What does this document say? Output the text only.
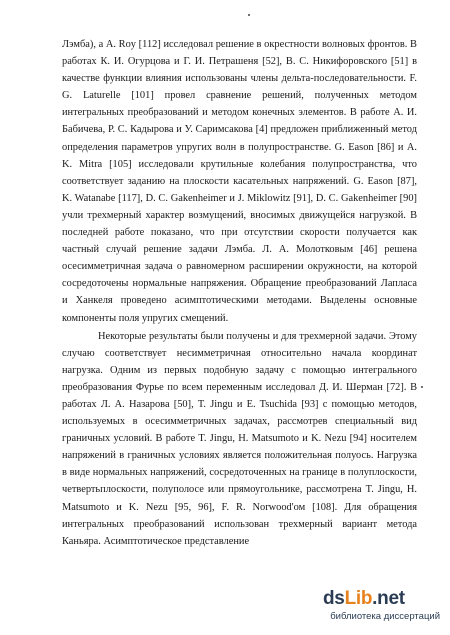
Лэмба), а A. Roy [112] исследовал решение в окрестности волновых фронтов. В работах К. И. Огурцова и Г. И. Петрашеня [52], В. С. Никифоровского [51] в качестве функции влияния использованы члены дельта-последовательности. F. G. Laturelle [101] провел сравнение решений, полученных методом интегральных преобразований и методом конечных элементов. В работе А. И. Бабичева, Р. С. Кадырова и У. Саримсакова [4] предложен приближенный метод определения параметров упругих волн в полупространстве. G. Eason [86] и A. K. Mitra [105] исследовали крутильные колебания полупространства, что соответствует заданию на плоскости касательных напряжений. G. Eason [87], K. Watanabe [117], D. C. Gakenheimer и J. Miklowitz [91], D. C. Gakenheimer [90] учли трехмерный характер возмущений, вносимых движущейся нагрузкой. В последней работе показано, что при отсутствии скорости получается как частный случай решение задачи Лэмба. Л. А. Молотковым [46] решена осесимметричная задача о равномерном расширении окружности, на которой сосредоточены нормальные напряжения. Обращение преобразований Лапласа и Ханкеля проведено асимптотическими методами. Выделены основные компоненты поля упругих смещений.

Некоторые результаты были получены и для трехмерной задачи. Этому случаю соответствует несимметричная относительно начала координат нагрузка. Одним из первых подобную задачу с помощью интегрального преобразования Фурье по всем переменным исследовал Д. И. Шерман [72]. В работах Л. А. Назарова [50], T. Jingu и E. Tsuchida [93] с помощью методов, используемых в осесимметричных задачах, рассмотрев специальный вид граничных условий. В работе T. Jingu, H. Matsumoto и K. Nezu [94] носителем напряжений в граничных условиях является положительная полуось. Нагрузка в виде нормальных напряжений, сосредоточенных на границе в полуплоскости, четвертьплоскости, полуполосе или прямоугольнике, рассмотрена T. Jingu, H. Matsumoto и K. Nezu [95, 96], F. R. Norwood'ом [108]. Для обращения интегральных преобразований использован трехмерный вариант метода Каньяра. Асимптотическое представление

dsLib.net
библиотека диссертаций
